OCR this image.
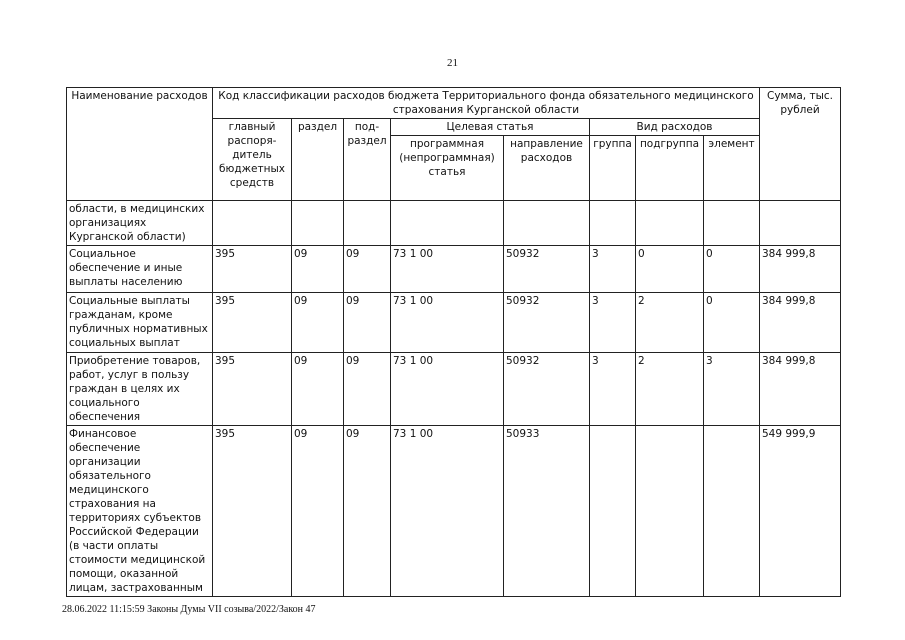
21
Наименование расходов	Код классификации расходов бюджета Территориального фонда обязательного медицинского страхования Курганской области								Сумма, тыс. рублей
	главный распоря-дитель бюджетных средств	раздел	под-раздел	Целевая статья		Вид расходов			
				программная (непрограммная) статья	направление расходов	группа	подгруппа	элемент	
области, в медицинских организациях Курганской области)									
Социальное обеспечение и иные выплаты населению	395	09	09	73 1 00	50932	3	0	0	384 999,8
Социальные выплаты гражданам, кроме публичных нормативных социальных выплат	395	09	09	73 1 00	50932	3	2	0	384 999,8
Приобретение товаров, работ, услуг в пользу граждан в целях их социального обеспечения	395	09	09	73 1 00	50932	3	2	3	384 999,8
Финансовое обеспечение организации обязательного медицинского страхования на территориях субъектов Российской Федерации (в части оплаты стоимости медицинской помощи, оказанной лицам, застрахованным	395	09	09	73 1 00	50933				549 999,9
28.06.2022 11:15:59 Законы Думы VII созыва/2022/Закон 47
